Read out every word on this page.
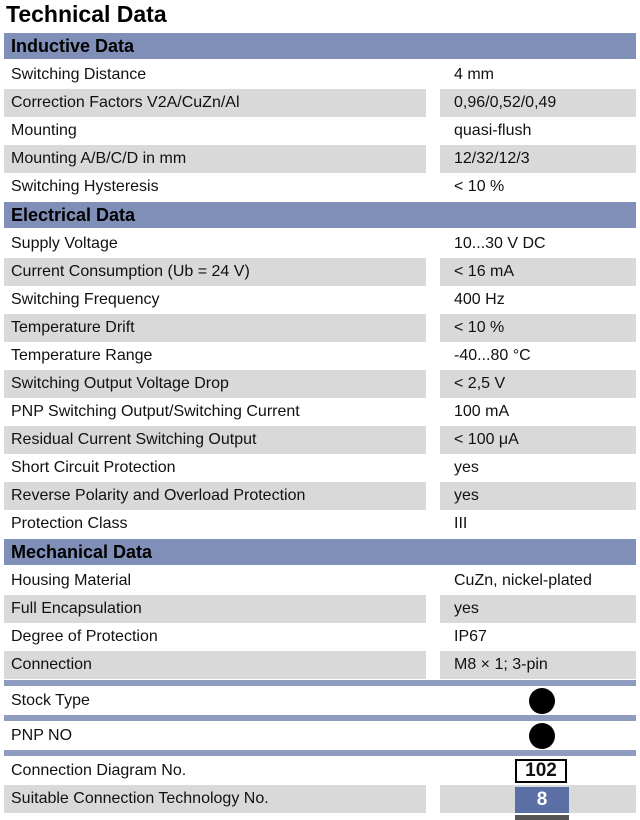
Technical Data
Inductive Data
Switching Distance	4 mm
Correction Factors V2A/CuZn/Al	0,96/0,52/0,49
Mounting	quasi-flush
Mounting A/B/C/D in mm	12/32/12/3
Switching Hysteresis	< 10 %
Electrical Data
Supply Voltage	10...30 V DC
Current Consumption (Ub = 24 V)	< 16 mA
Switching Frequency	400 Hz
Temperature Drift	< 10 %
Temperature Range	-40...80 °C
Switching Output Voltage Drop	< 2,5 V
PNP Switching Output/Switching Current	100 mA
Residual Current Switching Output	< 100 μA
Short Circuit Protection	yes
Reverse Polarity and Overload Protection	yes
Protection Class	III
Mechanical Data
Housing Material	CuZn, nickel-plated
Full Encapsulation	yes
Degree of Protection	IP67
Connection	M8 × 1; 3-pin
Stock Type
PNP NO
Connection Diagram No.	102
Suitable Connection Technology No.	8
